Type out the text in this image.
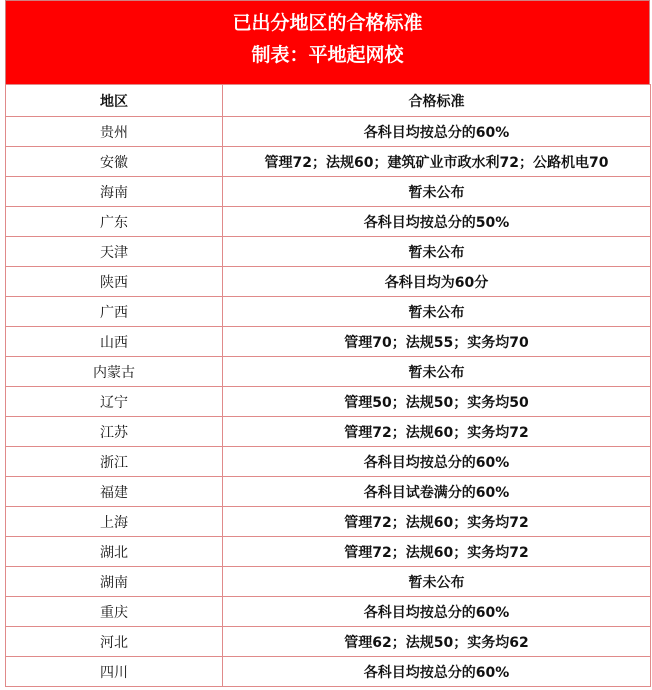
已出分地区的合格标准
制表：平地起网校
地区	合格标准
贵州	各科目均按总分的60%
安徽	管理72；法规60；建筑矿业市政水利72；公路机电70
海南	暂未公布
广东	各科目均按总分的50%
天津	暂未公布
陕西	各科目均为60分
广西	暂未公布
山西	管理70；法规55；实务均70
内蒙古	暂未公布
辽宁	管理50；法规50；实务均50
江苏	管理72；法规60；实务均72
浙江	各科目均按总分的60%
福建	各科目试卷满分的60%
上海	管理72；法规60；实务均72
湖北	管理72；法规60；实务均72
湖南	暂未公布
重庆	各科目均按总分的60%
河北	管理62；法规50；实务均62
四川	各科目均按总分的60%
